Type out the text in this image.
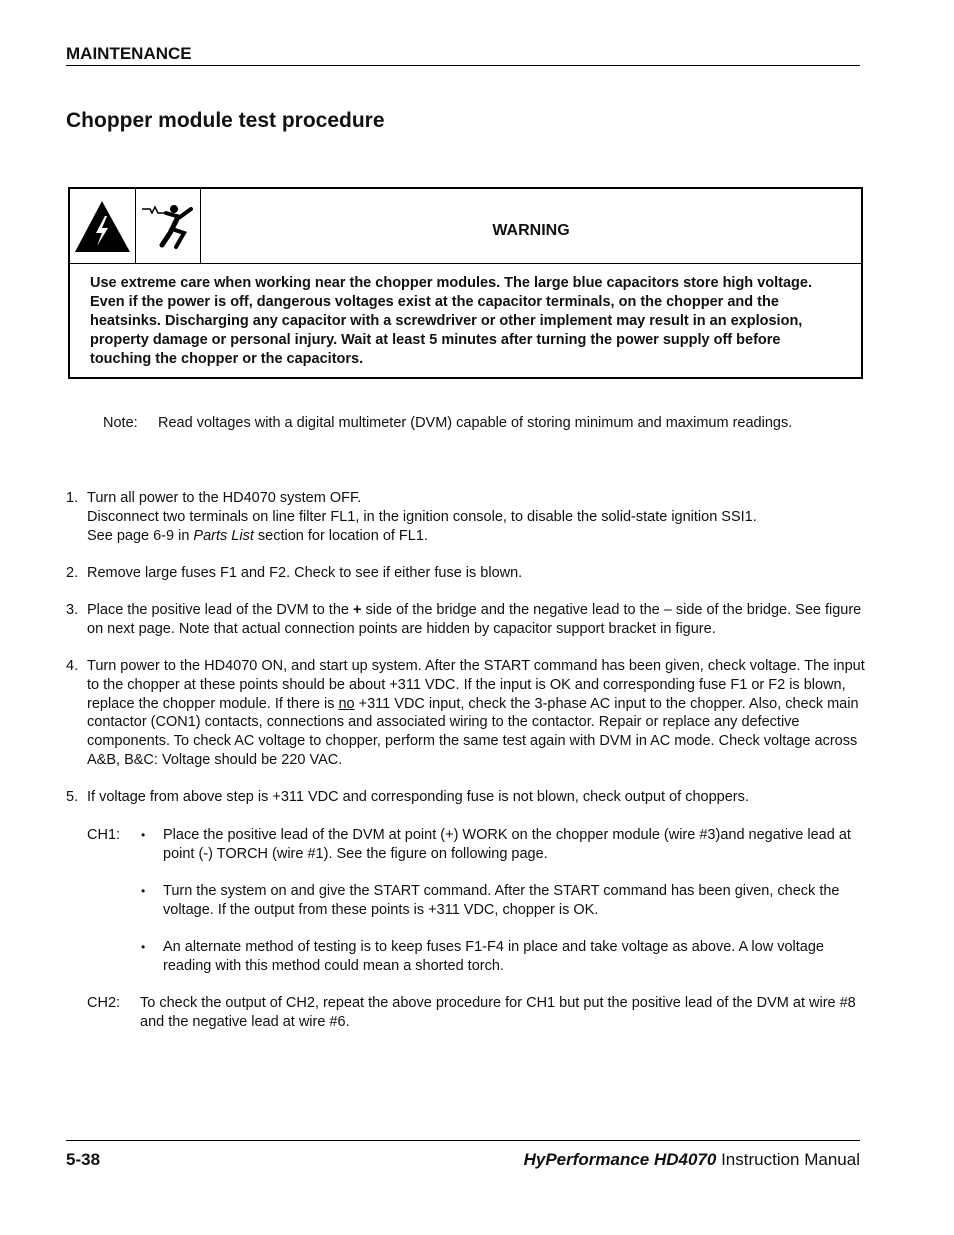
MAINTENANCE
Chopper module test procedure
WARNING
Use extreme care when working near the chopper modules. The large blue capacitors store high voltage. Even if the power is off, dangerous voltages exist at the capacitor terminals, on the chopper and the heatsinks. Discharging any capacitor with a screwdriver or other implement may result in an explosion, property damage or personal injury. Wait at least 5 minutes after turning the power supply off before touching the chopper or the capacitors.
Note: Read voltages with a digital multimeter (DVM) capable of storing minimum and maximum readings.
1. Turn all power to the HD4070 system OFF.
Disconnect two terminals on line filter FL1, in the ignition console, to disable the solid-state ignition SSI1.
See page 6-9 in Parts List section for location of FL1.
2. Remove large fuses F1 and F2. Check to see if either fuse is blown.
3. Place the positive lead of the DVM to the + side of the bridge and the negative lead to the – side of the bridge. See figure on next page. Note that actual connection points are hidden by capacitor support bracket in figure.
4. Turn power to the HD4070 ON, and start up system. After the START command has been given, check voltage. The input to the chopper at these points should be about +311 VDC. If the input is OK and corresponding fuse F1 or F2 is blown, replace the chopper module. If there is no +311 VDC input, check the 3-phase AC input to the chopper. Also, check main contactor (CON1) contacts, connections and associated wiring to the contactor. Repair or replace any defective components. To check AC voltage to chopper, perform the same test again with DVM in AC mode. Check voltage across A&B, B&C: Voltage should be 220 VAC.
5. If voltage from above step is +311 VDC and corresponding fuse is not blown, check output of choppers.
CH1: • Place the positive lead of the DVM at point (+) WORK on the chopper module (wire #3)and negative lead at point (-) TORCH (wire #1). See the figure on following page.
• Turn the system on and give the START command. After the START command has been given, check the voltage. If the output from these points is +311 VDC, chopper is OK.
• An alternate method of testing is to keep fuses F1-F4 in place and take voltage as above. A low voltage reading with this method could mean a shorted torch.
CH2: To check the output of CH2, repeat the above procedure for CH1 but put the positive lead of the DVM at wire #8 and the negative lead at wire #6.
5-38	HyPerformance HD4070 Instruction Manual
